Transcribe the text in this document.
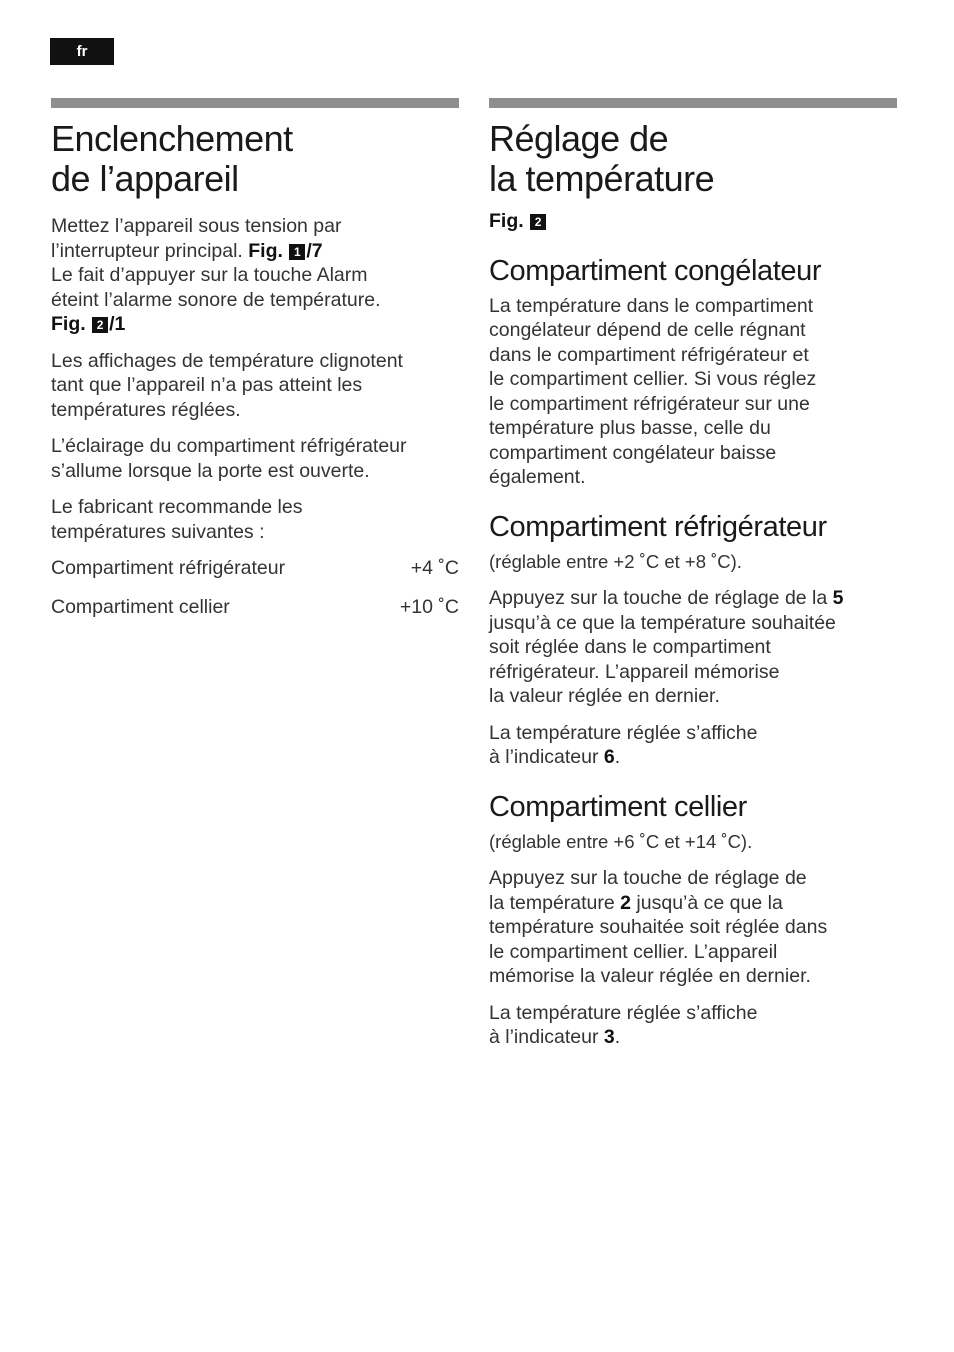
fr
Enclenchement
de l’appareil

Mettez l’appareil sous tension par
l’interrupteur principal. Fig. 1 /7
Le fait d’appuyer sur la touche Alarm
éteint l’alarme sonore de température.
Fig. 2 /1

Les affichages de température clignotent
tant que l’appareil n’a pas atteint les
températures réglées.

L’éclairage du compartiment réfrigérateur
s’allume lorsque la porte est ouverte.

Le fabricant recommande les
températures suivantes :

Compartiment réfrigérateur	+4 ˚C
Compartiment cellier	+10 ˚C
Réglage de
la température

Fig. 2

Compartiment congélateur

La température dans le compartiment
congélateur dépend de celle régnant
dans le compartiment réfrigérateur et
le compartiment cellier. Si vous réglez
le compartiment réfrigérateur sur une
température plus basse, celle du
compartiment congélateur baisse
également.

Compartiment réfrigérateur

(réglable entre +2 ˚C et +8 ˚C).

Appuyez sur la touche de réglage de la 5
jusqu’à ce que la température souhaitée
soit réglée dans le compartiment
réfrigérateur. L’appareil mémorise
la valeur réglée en dernier.

La température réglée s’affiche
à l’indicateur 6.

Compartiment cellier

(réglable entre +6 ˚C et +14 ˚C).

Appuyez sur la touche de réglage de
la température 2 jusqu’à ce que la
température souhaitée soit réglée dans
le compartiment cellier. L’appareil
mémorise la valeur réglée en dernier.

La température réglée s’affiche
à l’indicateur 3.
